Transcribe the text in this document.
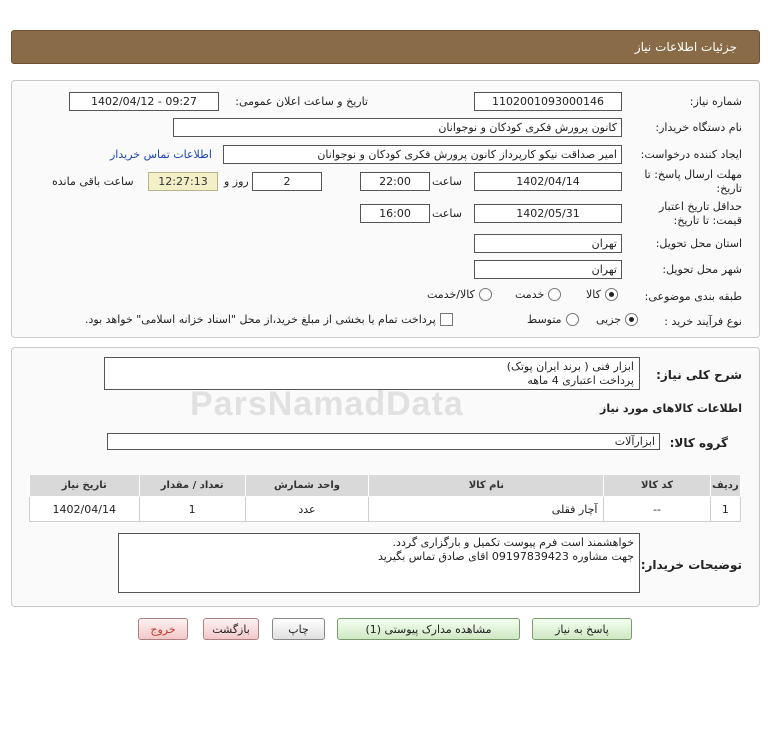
جزئیات اطلاعات نیاز
شماره نیاز:
1102001093000146
تاریخ و ساعت اعلان عمومی:
1402/04/12 - 09:27
نام دستگاه خریدار:
کانون پرورش فکری کودکان و نوجوانان
ایجاد کننده درخواست:
امیر صداقت نیکو کارپرداز کانون پرورش فکری کودکان و نوجوانان
اطلاعات تماس خریدار
مهلت ارسال پاسخ: تا
تاریخ:
1402/04/14
ساعت
22:00
2
روز و
12:27:13
ساعت باقی مانده
حداقل تاریخ اعتبار
قیمت: تا تاریخ:
1402/05/31
ساعت
16:00
استان محل تحویل:
تهران
شهر محل تحویل:
تهران
طبقه بندی موضوعی:
کالا
خدمت
کالا/خدمت
نوع فرآیند خرید :
جزیی
متوسط
پرداخت تمام یا بخشی از مبلغ خرید،از محل "اسناد خزانه اسلامی" خواهد بود.
شرح کلی نیاز:
ابزار فنی ( برند ایران پوتک)
پرداخت اعتباری 4 ماهه
اطلاعات کالاهای مورد نیاز
ParsNamadData
گروه کالا:
ابزارآلات
ردیف	کد کالا	نام کالا	واحد شمارش	تعداد / مقدار	تاریخ نیاز
1	--	آچار فقلی	عدد	1	1402/04/14
توضیحات خریدار:
خواهشمند است فرم پیوست تکمیل و بارگزاری گردد.
جهت مشاوره 09197839423 اقای صادق تماس بگیرید
پاسخ به نیاز
مشاهده مدارک پیوستی (1)
چاپ
بازگشت
خروج
